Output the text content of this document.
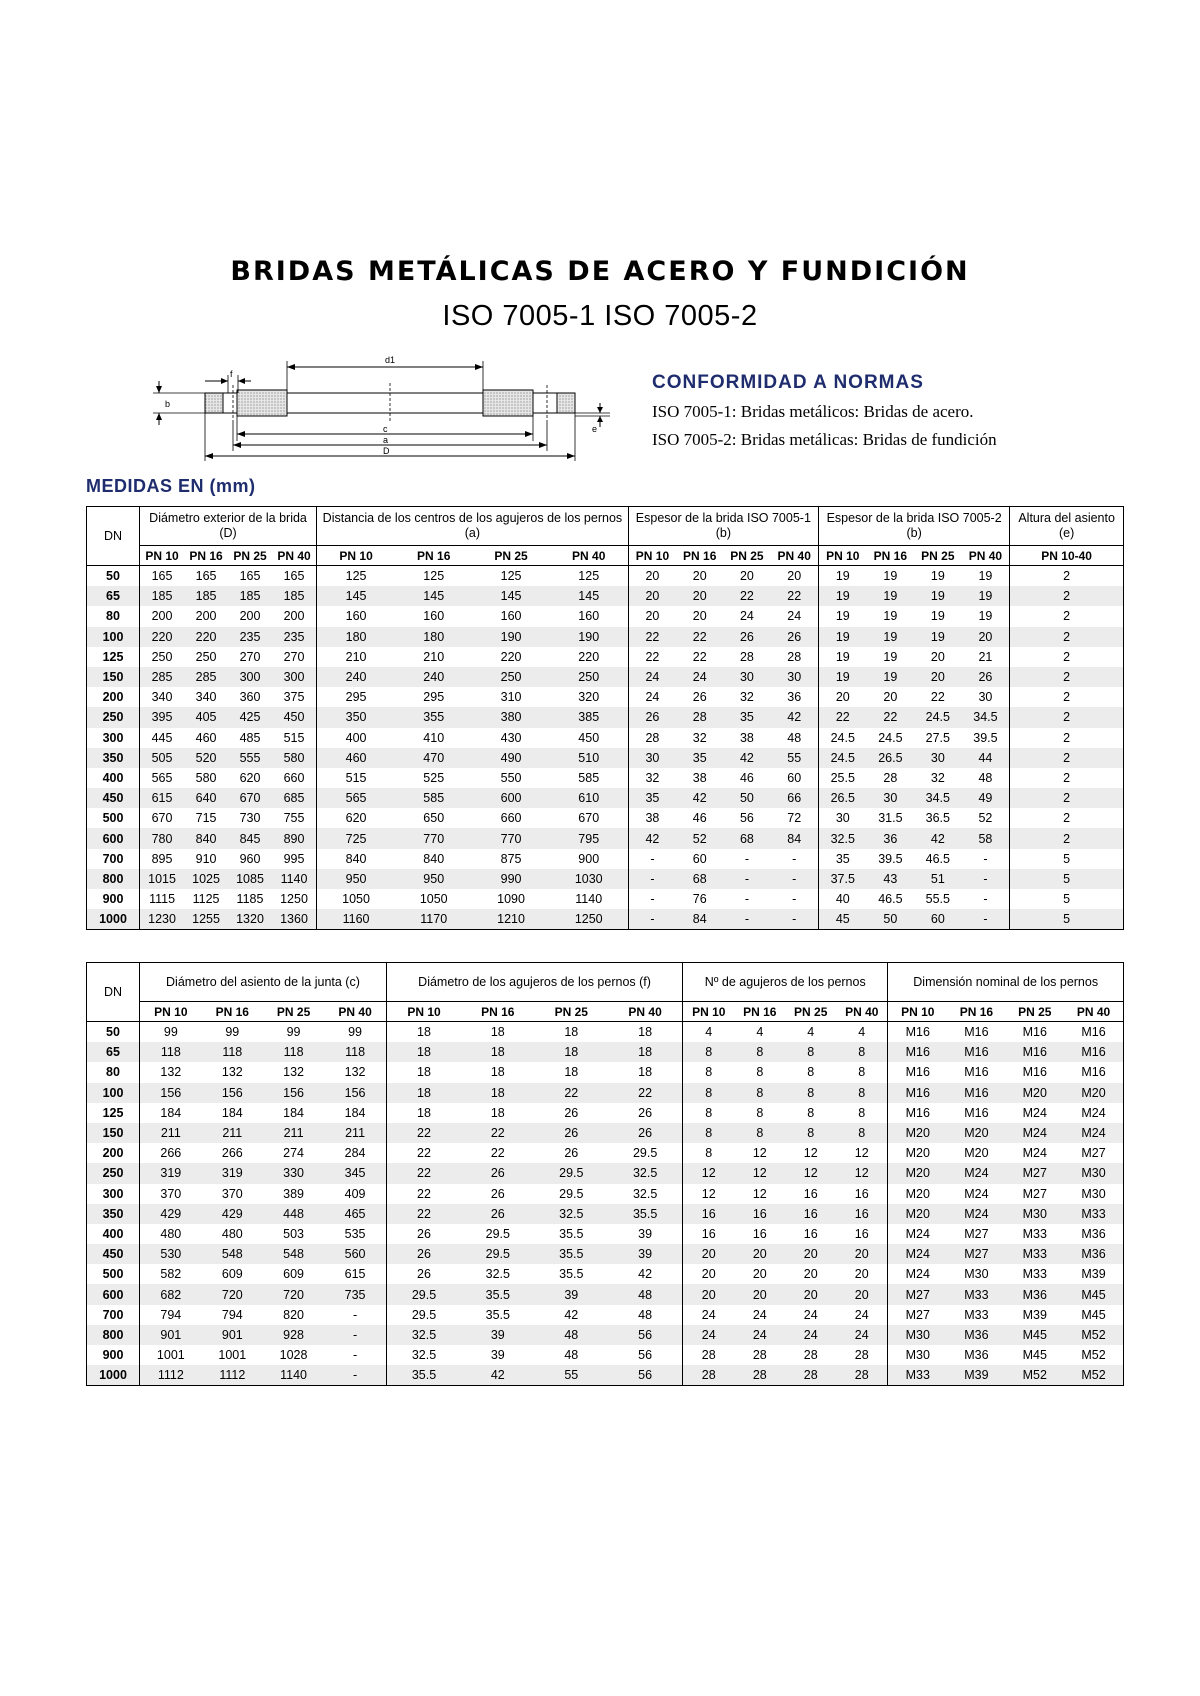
BRIDAS METÁLICAS DE ACERO Y FUNDICIÓN
ISO 7005-1 ISO 7005-2
d1
f
b
e
c
a
D
CONFORMIDAD A NORMAS
ISO 7005-1: Bridas metálicos: Bridas de acero.
ISO 7005-2: Bridas metálicas: Bridas de fundición
MEDIDAS EN (mm)
DN	Diámetro exterior de la brida (D)				Distancia de los centros de los agujeros de los pernos (a)				Espesor de la brida ISO 7005-1 (b)				Espesor de la brida ISO 7005-2 (b)				Altura del asiento (e)
	PN 10	PN 16	PN 25	PN 40	PN 10	PN 16	PN 25	PN 40	PN 10	PN 16	PN 25	PN 40	PN 10	PN 16	PN 25	PN 40	PN 10-40
50	165	165	165	165	125	125	125	125	20	20	20	20	19	19	19	19	2
65	185	185	185	185	145	145	145	145	20	20	22	22	19	19	19	19	2
80	200	200	200	200	160	160	160	160	20	20	24	24	19	19	19	19	2
100	220	220	235	235	180	180	190	190	22	22	26	26	19	19	19	20	2
125	250	250	270	270	210	210	220	220	22	22	28	28	19	19	20	21	2
150	285	285	300	300	240	240	250	250	24	24	30	30	19	19	20	26	2
200	340	340	360	375	295	295	310	320	24	26	32	36	20	20	22	30	2
250	395	405	425	450	350	355	380	385	26	28	35	42	22	22	24.5	34.5	2
300	445	460	485	515	400	410	430	450	28	32	38	48	24.5	24.5	27.5	39.5	2
350	505	520	555	580	460	470	490	510	30	35	42	55	24.5	26.5	30	44	2
400	565	580	620	660	515	525	550	585	32	38	46	60	25.5	28	32	48	2
450	615	640	670	685	565	585	600	610	35	42	50	66	26.5	30	34.5	49	2
500	670	715	730	755	620	650	660	670	38	46	56	72	30	31.5	36.5	52	2
600	780	840	845	890	725	770	770	795	42	52	68	84	32.5	36	42	58	2
700	895	910	960	995	840	840	875	900	-	60	-	-	35	39.5	46.5	-	5
800	1015	1025	1085	1140	950	950	990	1030	-	68	-	-	37.5	43	51	-	5
900	1115	1125	1185	1250	1050	1050	1090	1140	-	76	-	-	40	46.5	55.5	-	5
1000	1230	1255	1320	1360	1160	1170	1210	1250	-	84	-	-	45	50	60	-	5
DN	Diámetro del asiento de la junta (c)				Diámetro de los agujeros de los pernos (f)				Nº de agujeros de los pernos				Dimensión nominal de los pernos			
	PN 10	PN 16	PN 25	PN 40	PN 10	PN 16	PN 25	PN 40	PN 10	PN 16	PN 25	PN 40	PN 10	PN 16	PN 25	PN 40
50	99	99	99	99	18	18	18	18	4	4	4	4	M16	M16	M16	M16
65	118	118	118	118	18	18	18	18	8	8	8	8	M16	M16	M16	M16
80	132	132	132	132	18	18	18	18	8	8	8	8	M16	M16	M16	M16
100	156	156	156	156	18	18	22	22	8	8	8	8	M16	M16	M20	M20
125	184	184	184	184	18	18	26	26	8	8	8	8	M16	M16	M24	M24
150	211	211	211	211	22	22	26	26	8	8	8	8	M20	M20	M24	M24
200	266	266	274	284	22	22	26	29.5	8	12	12	12	M20	M20	M24	M27
250	319	319	330	345	22	26	29.5	32.5	12	12	12	12	M20	M24	M27	M30
300	370	370	389	409	22	26	29.5	32.5	12	12	16	16	M20	M24	M27	M30
350	429	429	448	465	22	26	32.5	35.5	16	16	16	16	M20	M24	M30	M33
400	480	480	503	535	26	29.5	35.5	39	16	16	16	16	M24	M27	M33	M36
450	530	548	548	560	26	29.5	35.5	39	20	20	20	20	M24	M27	M33	M36
500	582	609	609	615	26	32.5	35.5	42	20	20	20	20	M24	M30	M33	M39
600	682	720	720	735	29.5	35.5	39	48	20	20	20	20	M27	M33	M36	M45
700	794	794	820	-	29.5	35.5	42	48	24	24	24	24	M27	M33	M39	M45
800	901	901	928	-	32.5	39	48	56	24	24	24	24	M30	M36	M45	M52
900	1001	1001	1028	-	32.5	39	48	56	28	28	28	28	M30	M36	M45	M52
1000	1112	1112	1140	-	35.5	42	55	56	28	28	28	28	M33	M39	M52	M52
